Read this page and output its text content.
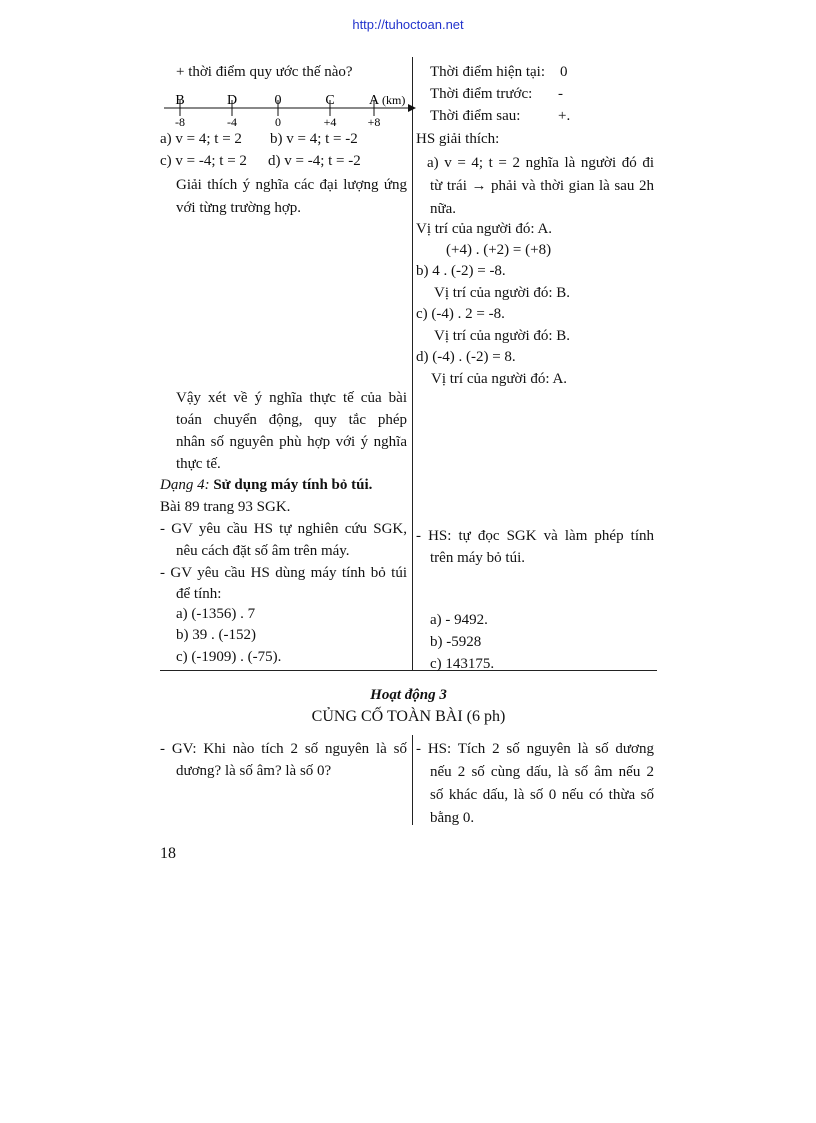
http://tuhoctoan.net
+ thời điểm quy ước thế nào?
B
-8
D
-4
0
0
C
+4
A
+8
(km)
a) v = 4; t = 2 b) v = 4; t = -2
c) v = -4; t = 2 d) v = -4; t = -2
Giải thích ý nghĩa các đại lượng ứng
với từng trường hợp.
Thời điểm hiện tại: 0
Thời điểm trước: -
Thời điểm sau:	+.
HS giải thích:
a) v = 4; t = 2 nghĩa là người đó đi
từ trái → phải và thời gian là sau 2h
nữa.
Vị trí của người đó: A.
(+4) . (+2) = (+8)
b) 4 . (-2) = -8.
Vị trí của người đó: B.
c) (-4) . 2 = -8.
Vị trí của người đó: B.
d) (-4) . (-2) = 8.
Vị trí của người đó: A.
Vậy xét về ý nghĩa thực tế của bài
toán chuyển động, quy tắc phép
nhân số nguyên phù hợp với ý nghĩa
thực tế.
Dạng 4: Sử dụng máy tính bỏ túi.
Bài 89 trang 93 SGK.
- GV yêu cầu HS tự nghiên cứu SGK,
nêu cách đặt số âm trên máy.
- GV yêu cầu HS dùng máy tính bỏ túi
để tính:
a) (-1356) . 7
b) 39 . (-152)
c) (-1909) . (-75).
- HS: tự đọc SGK và làm phép tính
trên máy bỏ túi.
a) - 9492.
b) -5928
c) 143175.
Hoạt động 3
CỦNG CỐ TOÀN BÀI (6 ph)
- GV: Khi nào tích 2 số nguyên là số
dương? là số âm? là số 0?
- HS: Tích 2 số nguyên là số dương
nếu 2 số cùng dấu, là số âm nếu 2
số khác dấu, là số 0 nếu có thừa số
bằng 0.
18
